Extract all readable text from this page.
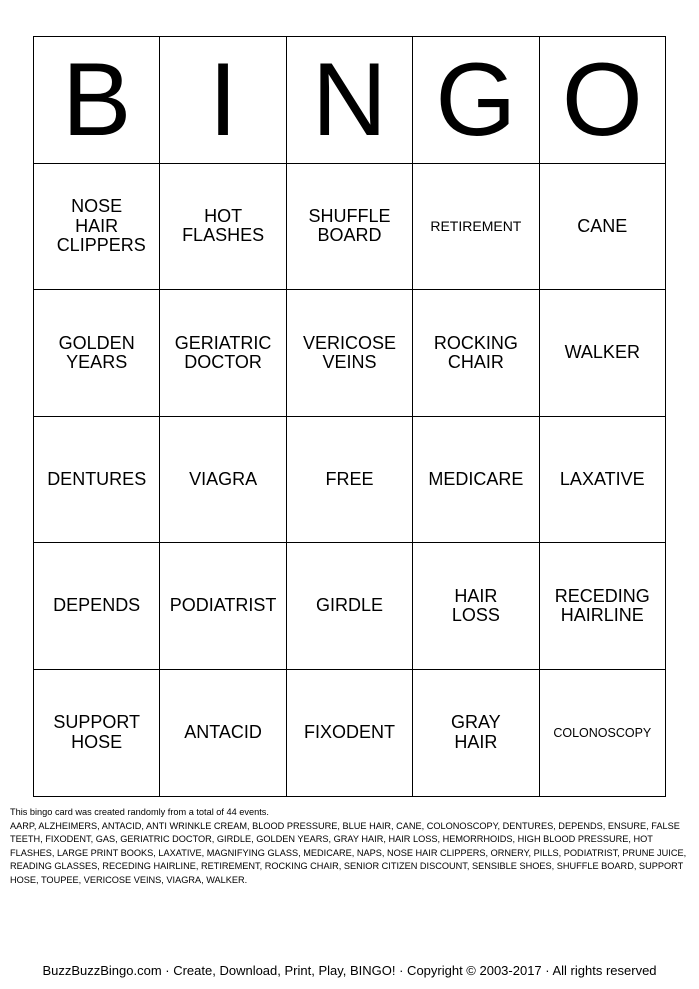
B	I	N	G	O
NOSE HAIR CLIPPERS	HOT FLASHES	SHUFFLE BOARD	RETIREMENT	CANE
GOLDEN YEARS	GERIATRIC DOCTOR	VERICOSE VEINS	ROCKING CHAIR	WALKER
DENTURES	VIAGRA	FREE	MEDICARE	LAXATIVE
DEPENDS	PODIATRIST	GIRDLE	HAIR LOSS	RECEDING HAIRLINE
SUPPORT HOSE	ANTACID	FIXODENT	GRAY HAIR	COLONOSCOPY
This bingo card was created randomly from a total of 44 events.
AARP, ALZHEIMERS, ANTACID, ANTI WRINKLE CREAM, BLOOD PRESSURE, BLUE HAIR, CANE, COLONOSCOPY, DENTURES, DEPENDS, ENSURE, FALSE TEETH, FIXODENT, GAS, GERIATRIC DOCTOR, GIRDLE, GOLDEN YEARS, GRAY HAIR, HAIR LOSS, HEMORRHOIDS, HIGH BLOOD PRESSURE, HOT FLASHES, LARGE PRINT BOOKS, LAXATIVE, MAGNIFYING GLASS, MEDICARE, NAPS, NOSE HAIR CLIPPERS, ORNERY, PILLS, PODIATRIST, PRUNE JUICE, READING GLASSES, RECEDING HAIRLINE, RETIREMENT, ROCKING CHAIR, SENIOR CITIZEN DISCOUNT, SENSIBLE SHOES, SHUFFLE BOARD, SUPPORT HOSE, TOUPEE, VERICOSE VEINS, VIAGRA, WALKER.
BuzzBuzzBingo.com · Create, Download, Print, Play, BINGO! · Copyright © 2003-2017 · All rights reserved
